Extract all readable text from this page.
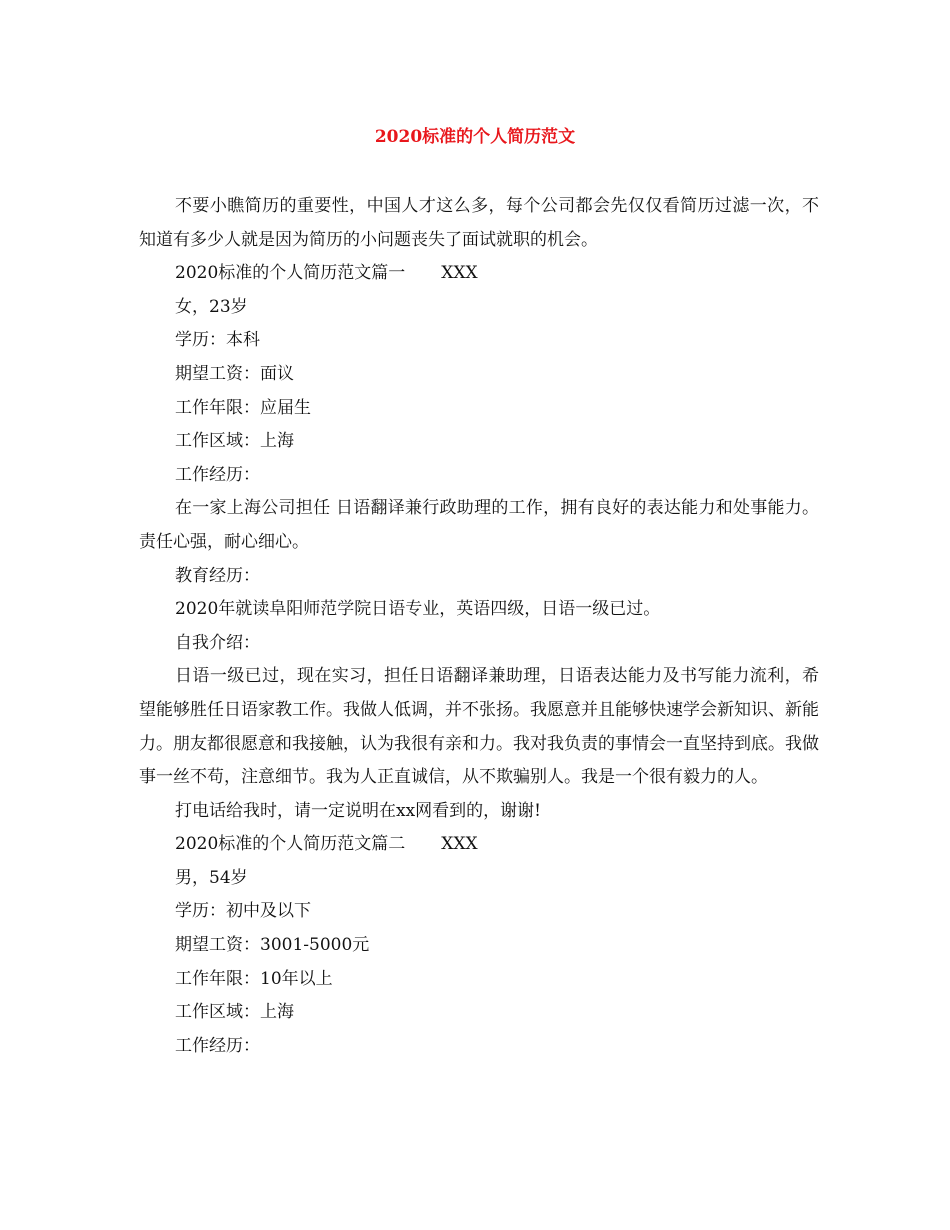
2020标准的个人简历范文

不要小瞧简历的重要性，中国人才这么多，每个公司都会先仅仅看简历过滤一次，不知道有多少人就是因为简历的小问题丧失了面试就职的机会。

2020标准的个人简历范文篇一 XXX

女，23岁

学历：本科

期望工资：面议

工作年限：应届生

工作区域：上海

工作经历：

在一家上海公司担任 日语翻译兼行政助理的工作，拥有良好的表达能力和处事能力。责任心强，耐心细心。

教育经历：

2020年就读阜阳师范学院日语专业，英语四级，日语一级已过。

自我介绍：

日语一级已过，现在实习，担任日语翻译兼助理，日语表达能力及书写能力流利，希望能够胜任日语家教工作。我做人低调，并不张扬。我愿意并且能够快速学会新知识、新能力。朋友都很愿意和我接触，认为我很有亲和力。我对我负责的事情会一直坚持到底。我做事一丝不苟，注意细节。我为人正直诚信，从不欺骗别人。我是一个很有毅力的人。

打电话给我时，请一定说明在xx网看到的，谢谢!

2020标准的个人简历范文篇二 XXX

男，54岁

学历：初中及以下

期望工资：3001-5000元

工作年限：10年以上

工作区域：上海

工作经历：
